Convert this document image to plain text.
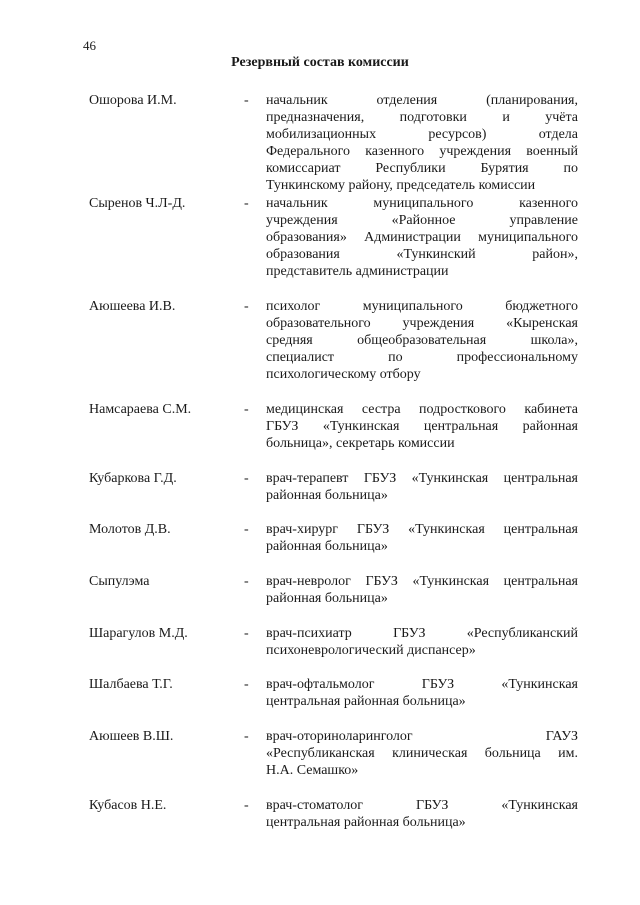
46
Резервный состав комиссии
Ошорова И.М.	- начальник отделения (планирования,
предназначения, подготовки и учёта
мобилизационных ресурсов) отдела
Федерального казенного учреждения военный
комиссариат Республики Бурятия по
Тункинскому району, председатель комиссии
Сыренов Ч.Л-Д.	- начальник муниципального казенного
учреждения «Районное управление
образования» Администрации муниципального
образования «Тункинский район»,
представитель администрации
Аюшеева И.В.	- психолог муниципального бюджетного
образовательного учреждения «Кыренская
средняя общеобразовательная школа»,
специалист по профессиональному
психологическому отбору
Намсараева С.М.	- медицинская сестра подросткового кабинета
ГБУЗ «Тункинская центральная районная
больница», секретарь комиссии
Кубаркова Г.Д.	- врач-терапевт ГБУЗ «Тункинская центральная
районная больница»
Молотов Д.В.	- врач-хирург ГБУЗ «Тункинская центральная
районная больница»
Сыпулэма	- врач-невролог ГБУЗ «Тункинская центральная
районная больница»
Шарагулов М.Д.	- врач-психиатр ГБУЗ «Республиканский
психоневрологический диспансер»
Шалбаева Т.Г.	- врач-офтальмолог ГБУЗ «Тункинская
центральная районная больница»
Аюшеев В.Ш.	- врач-оториноларинголог ГАУЗ
«Республиканская клиническая больница им.
Н.А. Семашко»
Кубасов Н.Е.	- врач-стоматолог ГБУЗ «Тункинская
центральная районная больница»
